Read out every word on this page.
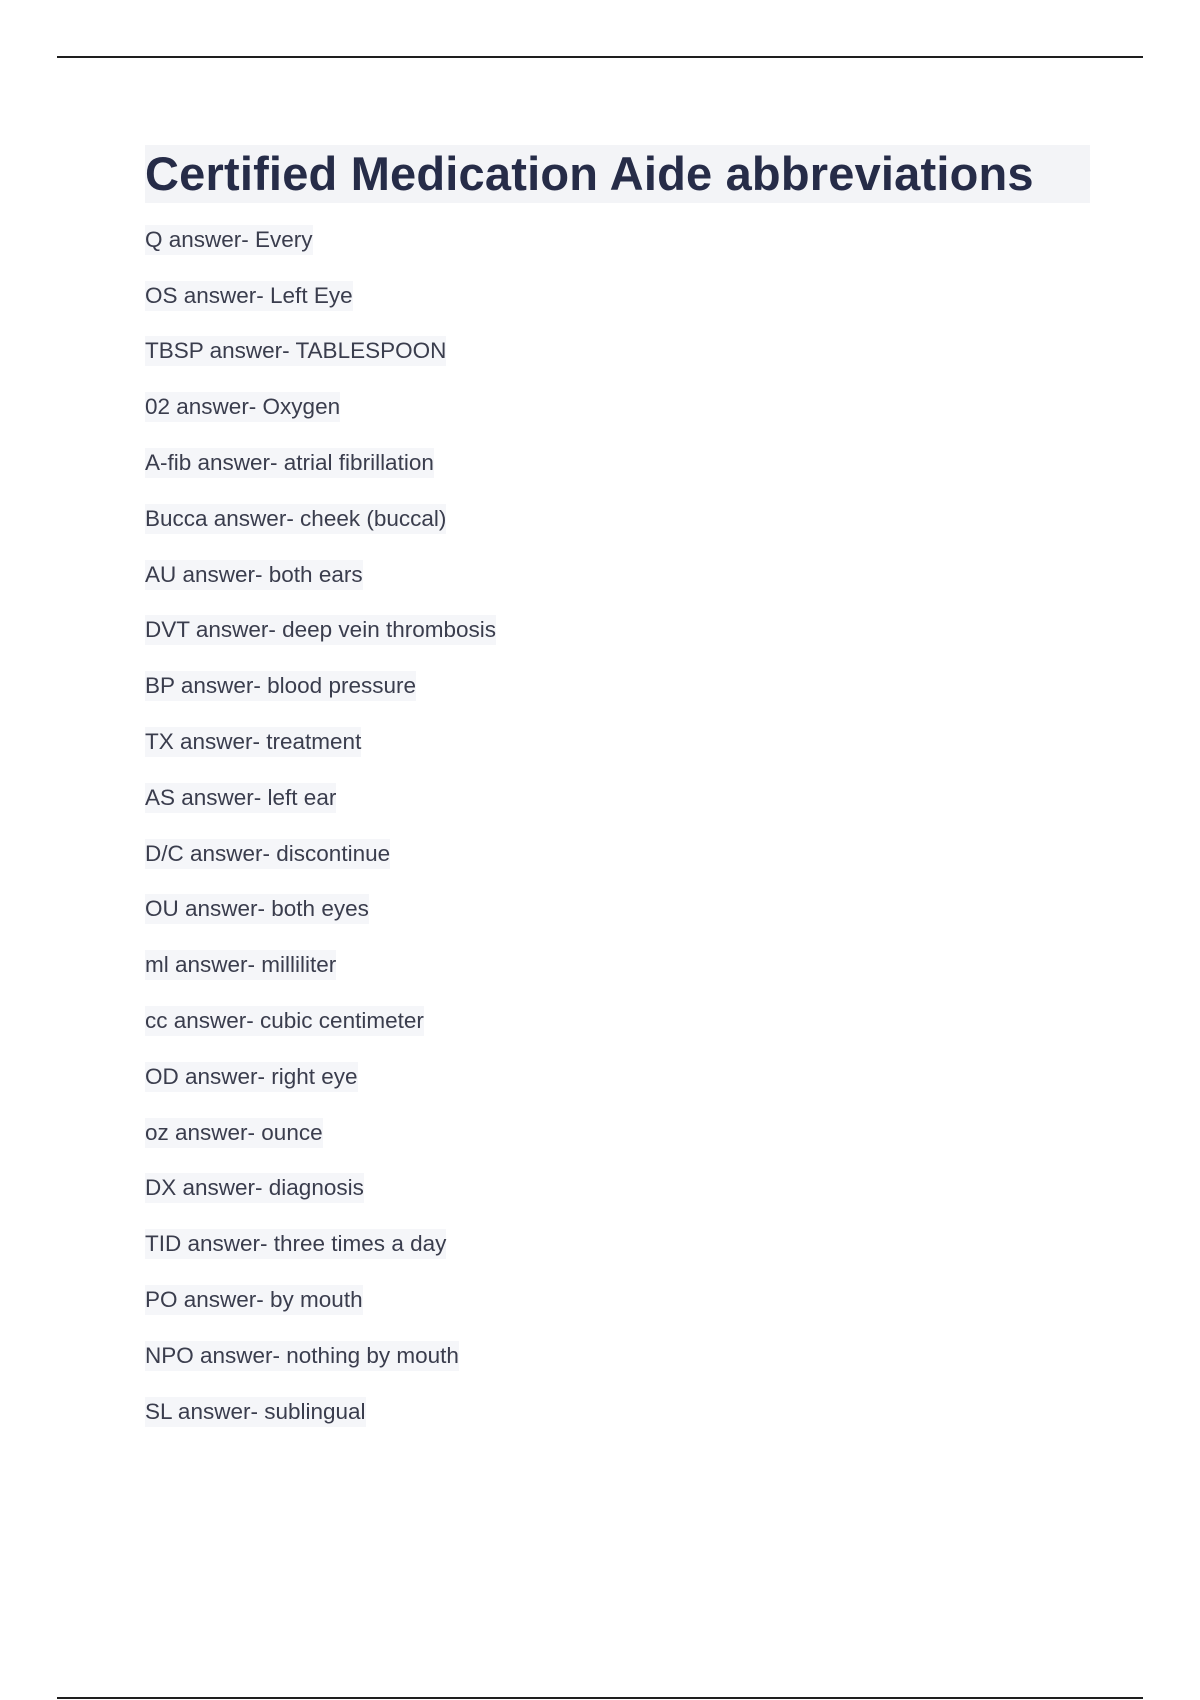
Certified Medication Aide abbreviations
Q answer- Every
OS answer- Left Eye
TBSP answer- TABLESPOON
02 answer- Oxygen
A-fib answer- atrial fibrillation
Bucca answer- cheek (buccal)
AU answer- both ears
DVT answer- deep vein thrombosis
BP answer- blood pressure
TX answer- treatment
AS answer- left ear
D/C answer- discontinue
OU answer- both eyes
ml answer- milliliter
cc answer- cubic centimeter
OD answer- right eye
oz answer- ounce
DX answer- diagnosis
TID answer- three times a day
PO answer- by mouth
NPO answer- nothing by mouth
SL answer- sublingual
